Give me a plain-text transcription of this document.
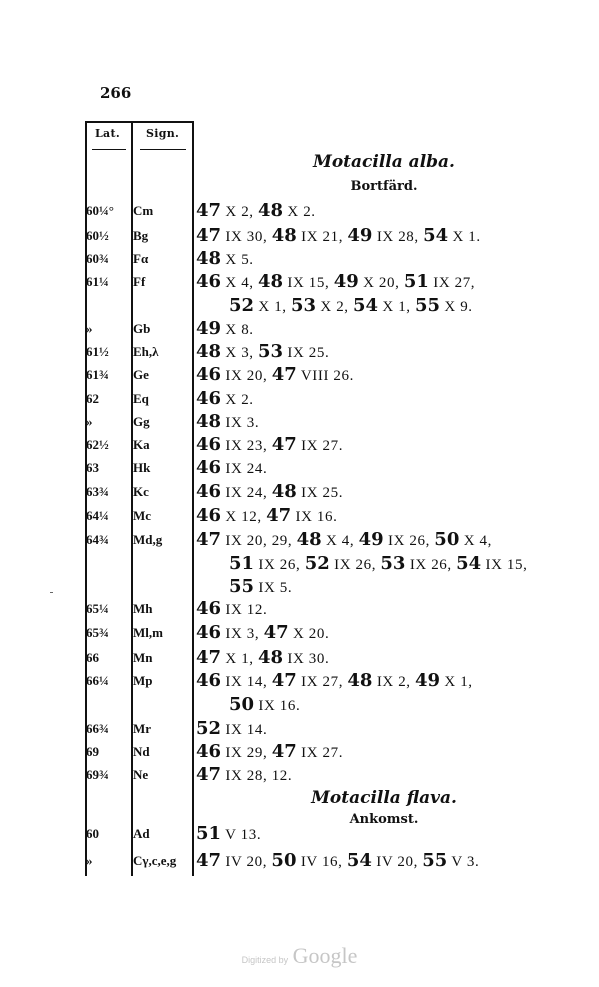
266
Lat. Sign.
Motacilla alba.
Bortfärd.
Motacilla flava.
Ankomst.
60¼° Cm 47 X 2, 48 X 2.
60½ Bg	47 IX 30, 48 IX 21, 49 IX 28, 54 X 1.
60¾ Fα	48 X 5.
61¼ Ff	46 X 4, 48 IX 15, 49 X 20, 51 IX 27,
52 X 1, 53 X 2, 54 X 1, 55 X 9.
»	Gb	49 X 8.
61½ Eh,λ 48 X 3, 53 IX 25.
61¾ Ge	46 IX 20, 47 VIII 26.
62	Eq	46 X 2.
»	Gg	48 IX 3.
62½ Ka	46 IX 23, 47 IX 27.
63	Hk	46 IX 24.
63¾ Kc	46 IX 24, 48 IX 25.
64¼ Mc 46 X 12, 47 IX 16.
64¾ Md,g 47 IX 20, 29, 48 X 4, 49 IX 26, 50 X 4,
51 IX 26, 52 IX 26, 53 IX 26, 54 IX 15,
55 IX 5.
65¼ Mh 46 IX 12.
65¾ Ml,m 46 IX 3, 47 X 20.
66	Mn 47 X 1, 48 IX 30.
66¼ Mp 46 IX 14, 47 IX 27, 48 IX 2, 49 X 1,
50 IX 16.
66¾ Mr 52 IX 14.
69	Nd	46 IX 29, 47 IX 27.
69¾ Ne	47 IX 28, 12.
60	Ad	51 V 13.
»	Cγ,c,e,g 47 IV 20, 50 IV 16, 54 IV 20, 55 V 3.
Digitized by Google
